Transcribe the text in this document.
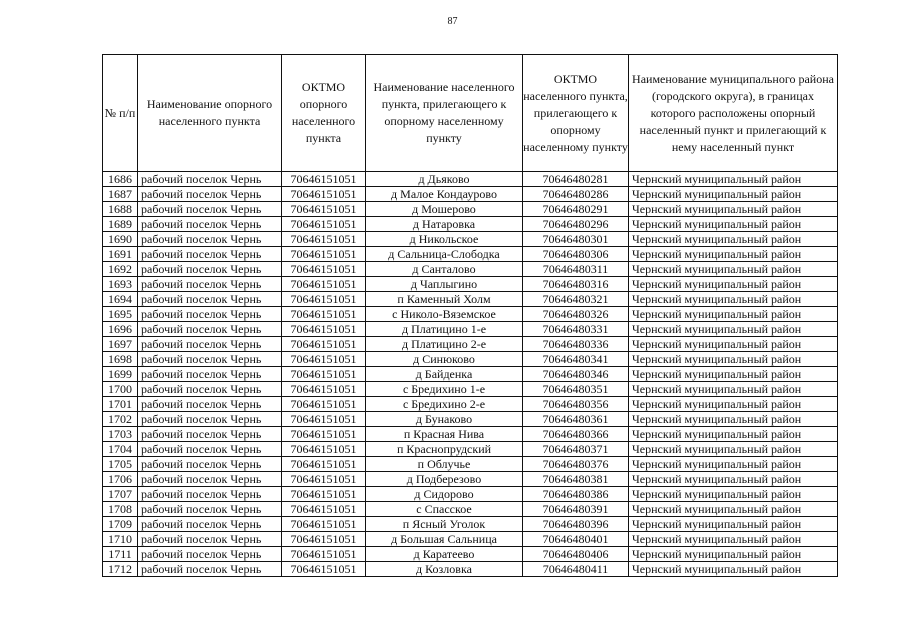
87
№ п/п	Наименование опорного населенного пункта	ОКТМО опорного населенного пункта	Наименование населенного пункта, прилегающего к опорному населенному пункту	ОКТМО населенного пункта, прилегающего к опорному населенному пункту	Наименование муниципального района (городского округа), в границах которого расположены опорный населенный пункт и прилегающий к нему населенный пункт
1686	рабочий поселок Чернь	70646151051	д Дьяково	70646480281	Чернский муниципальный район
1687	рабочий поселок Чернь	70646151051	д Малое Кондаурово	70646480286	Чернский муниципальный район
1688	рабочий поселок Чернь	70646151051	д Мошерово	70646480291	Чернский муниципальный район
1689	рабочий поселок Чернь	70646151051	д Натаровка	70646480296	Чернский муниципальный район
1690	рабочий поселок Чернь	70646151051	д Никольское	70646480301	Чернский муниципальный район
1691	рабочий поселок Чернь	70646151051	д Сальница-Слободка	70646480306	Чернский муниципальный район
1692	рабочий поселок Чернь	70646151051	д Санталово	70646480311	Чернский муниципальный район
1693	рабочий поселок Чернь	70646151051	д Чаплыгино	70646480316	Чернский муниципальный район
1694	рабочий поселок Чернь	70646151051	п Каменный Холм	70646480321	Чернский муниципальный район
1695	рабочий поселок Чернь	70646151051	с Николо-Вяземское	70646480326	Чернский муниципальный район
1696	рабочий поселок Чернь	70646151051	д Платицино 1-е	70646480331	Чернский муниципальный район
1697	рабочий поселок Чернь	70646151051	д Платицино 2-е	70646480336	Чернский муниципальный район
1698	рабочий поселок Чернь	70646151051	д Синюково	70646480341	Чернский муниципальный район
1699	рабочий поселок Чернь	70646151051	д Байденка	70646480346	Чернский муниципальный район
1700	рабочий поселок Чернь	70646151051	с Бредихино 1-е	70646480351	Чернский муниципальный район
1701	рабочий поселок Чернь	70646151051	с Бредихино 2-е	70646480356	Чернский муниципальный район
1702	рабочий поселок Чернь	70646151051	д Бунаково	70646480361	Чернский муниципальный район
1703	рабочий поселок Чернь	70646151051	п Красная Нива	70646480366	Чернский муниципальный район
1704	рабочий поселок Чернь	70646151051	п Краснопрудский	70646480371	Чернский муниципальный район
1705	рабочий поселок Чернь	70646151051	п Облучье	70646480376	Чернский муниципальный район
1706	рабочий поселок Чернь	70646151051	д Подберезово	70646480381	Чернский муниципальный район
1707	рабочий поселок Чернь	70646151051	д Сидорово	70646480386	Чернский муниципальный район
1708	рабочий поселок Чернь	70646151051	с Спасское	70646480391	Чернский муниципальный район
1709	рабочий поселок Чернь	70646151051	п Ясный Уголок	70646480396	Чернский муниципальный район
1710	рабочий поселок Чернь	70646151051	д Большая Сальница	70646480401	Чернский муниципальный район
1711	рабочий поселок Чернь	70646151051	д Каратеево	70646480406	Чернский муниципальный район
1712	рабочий поселок Чернь	70646151051	д Козловка	70646480411	Чернский муниципальный район
